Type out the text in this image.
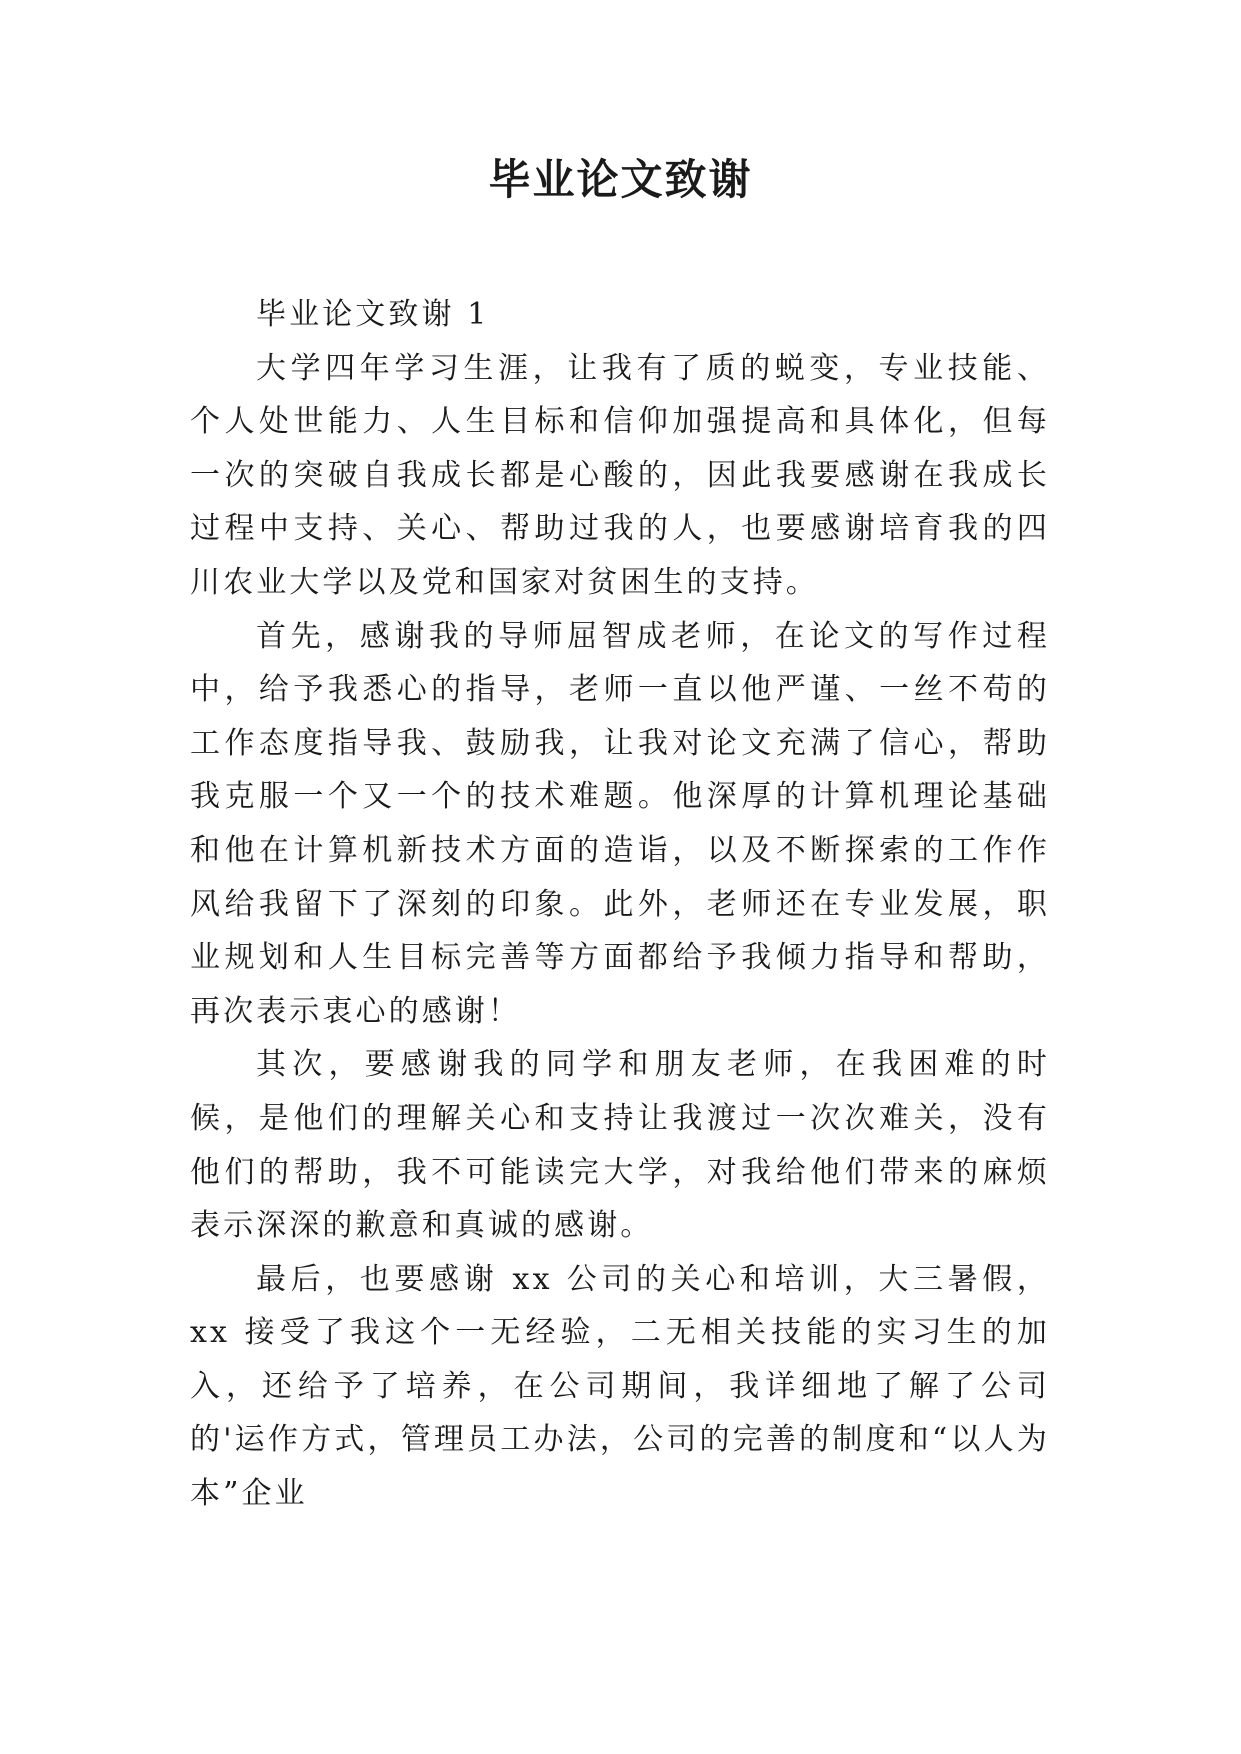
毕业论文致谢

毕业论文致谢 1

大学四年学习生涯，让我有了质的蜕变，专业技能、个人处世能力、人生目标和信仰加强提高和具体化，但每一次的突破自我成长都是心酸的，因此我要感谢在我成长过程中支持、关心、帮助过我的人，也要感谢培育我的四川农业大学以及党和国家对贫困生的支持。

首先，感谢我的导师屈智成老师，在论文的写作过程中，给予我悉心的指导，老师一直以他严谨、一丝不苟的工作态度指导我、鼓励我，让我对论文充满了信心，帮助我克服一个又一个的技术难题。他深厚的计算机理论基础和他在计算机新技术方面的造诣，以及不断探索的工作作风给我留下了深刻的印象。此外，老师还在专业发展，职业规划和人生目标完善等方面都给予我倾力指导和帮助，再次表示衷心的感谢！

其次，要感谢我的同学和朋友老师，在我困难的时候，是他们的理解关心和支持让我渡过一次次难关，没有他们的帮助，我不可能读完大学，对我给他们带来的麻烦表示深深的歉意和真诚的感谢。

最后，也要感谢 xx 公司的关心和培训，大三暑假，xx 接受了我这个一无经验，二无相关技能的实习生的加入，还给予了培养，在公司期间，我详细地了解了公司的'运作方式，管理员工办法，公司的完善的制度和“以人为本”企业
